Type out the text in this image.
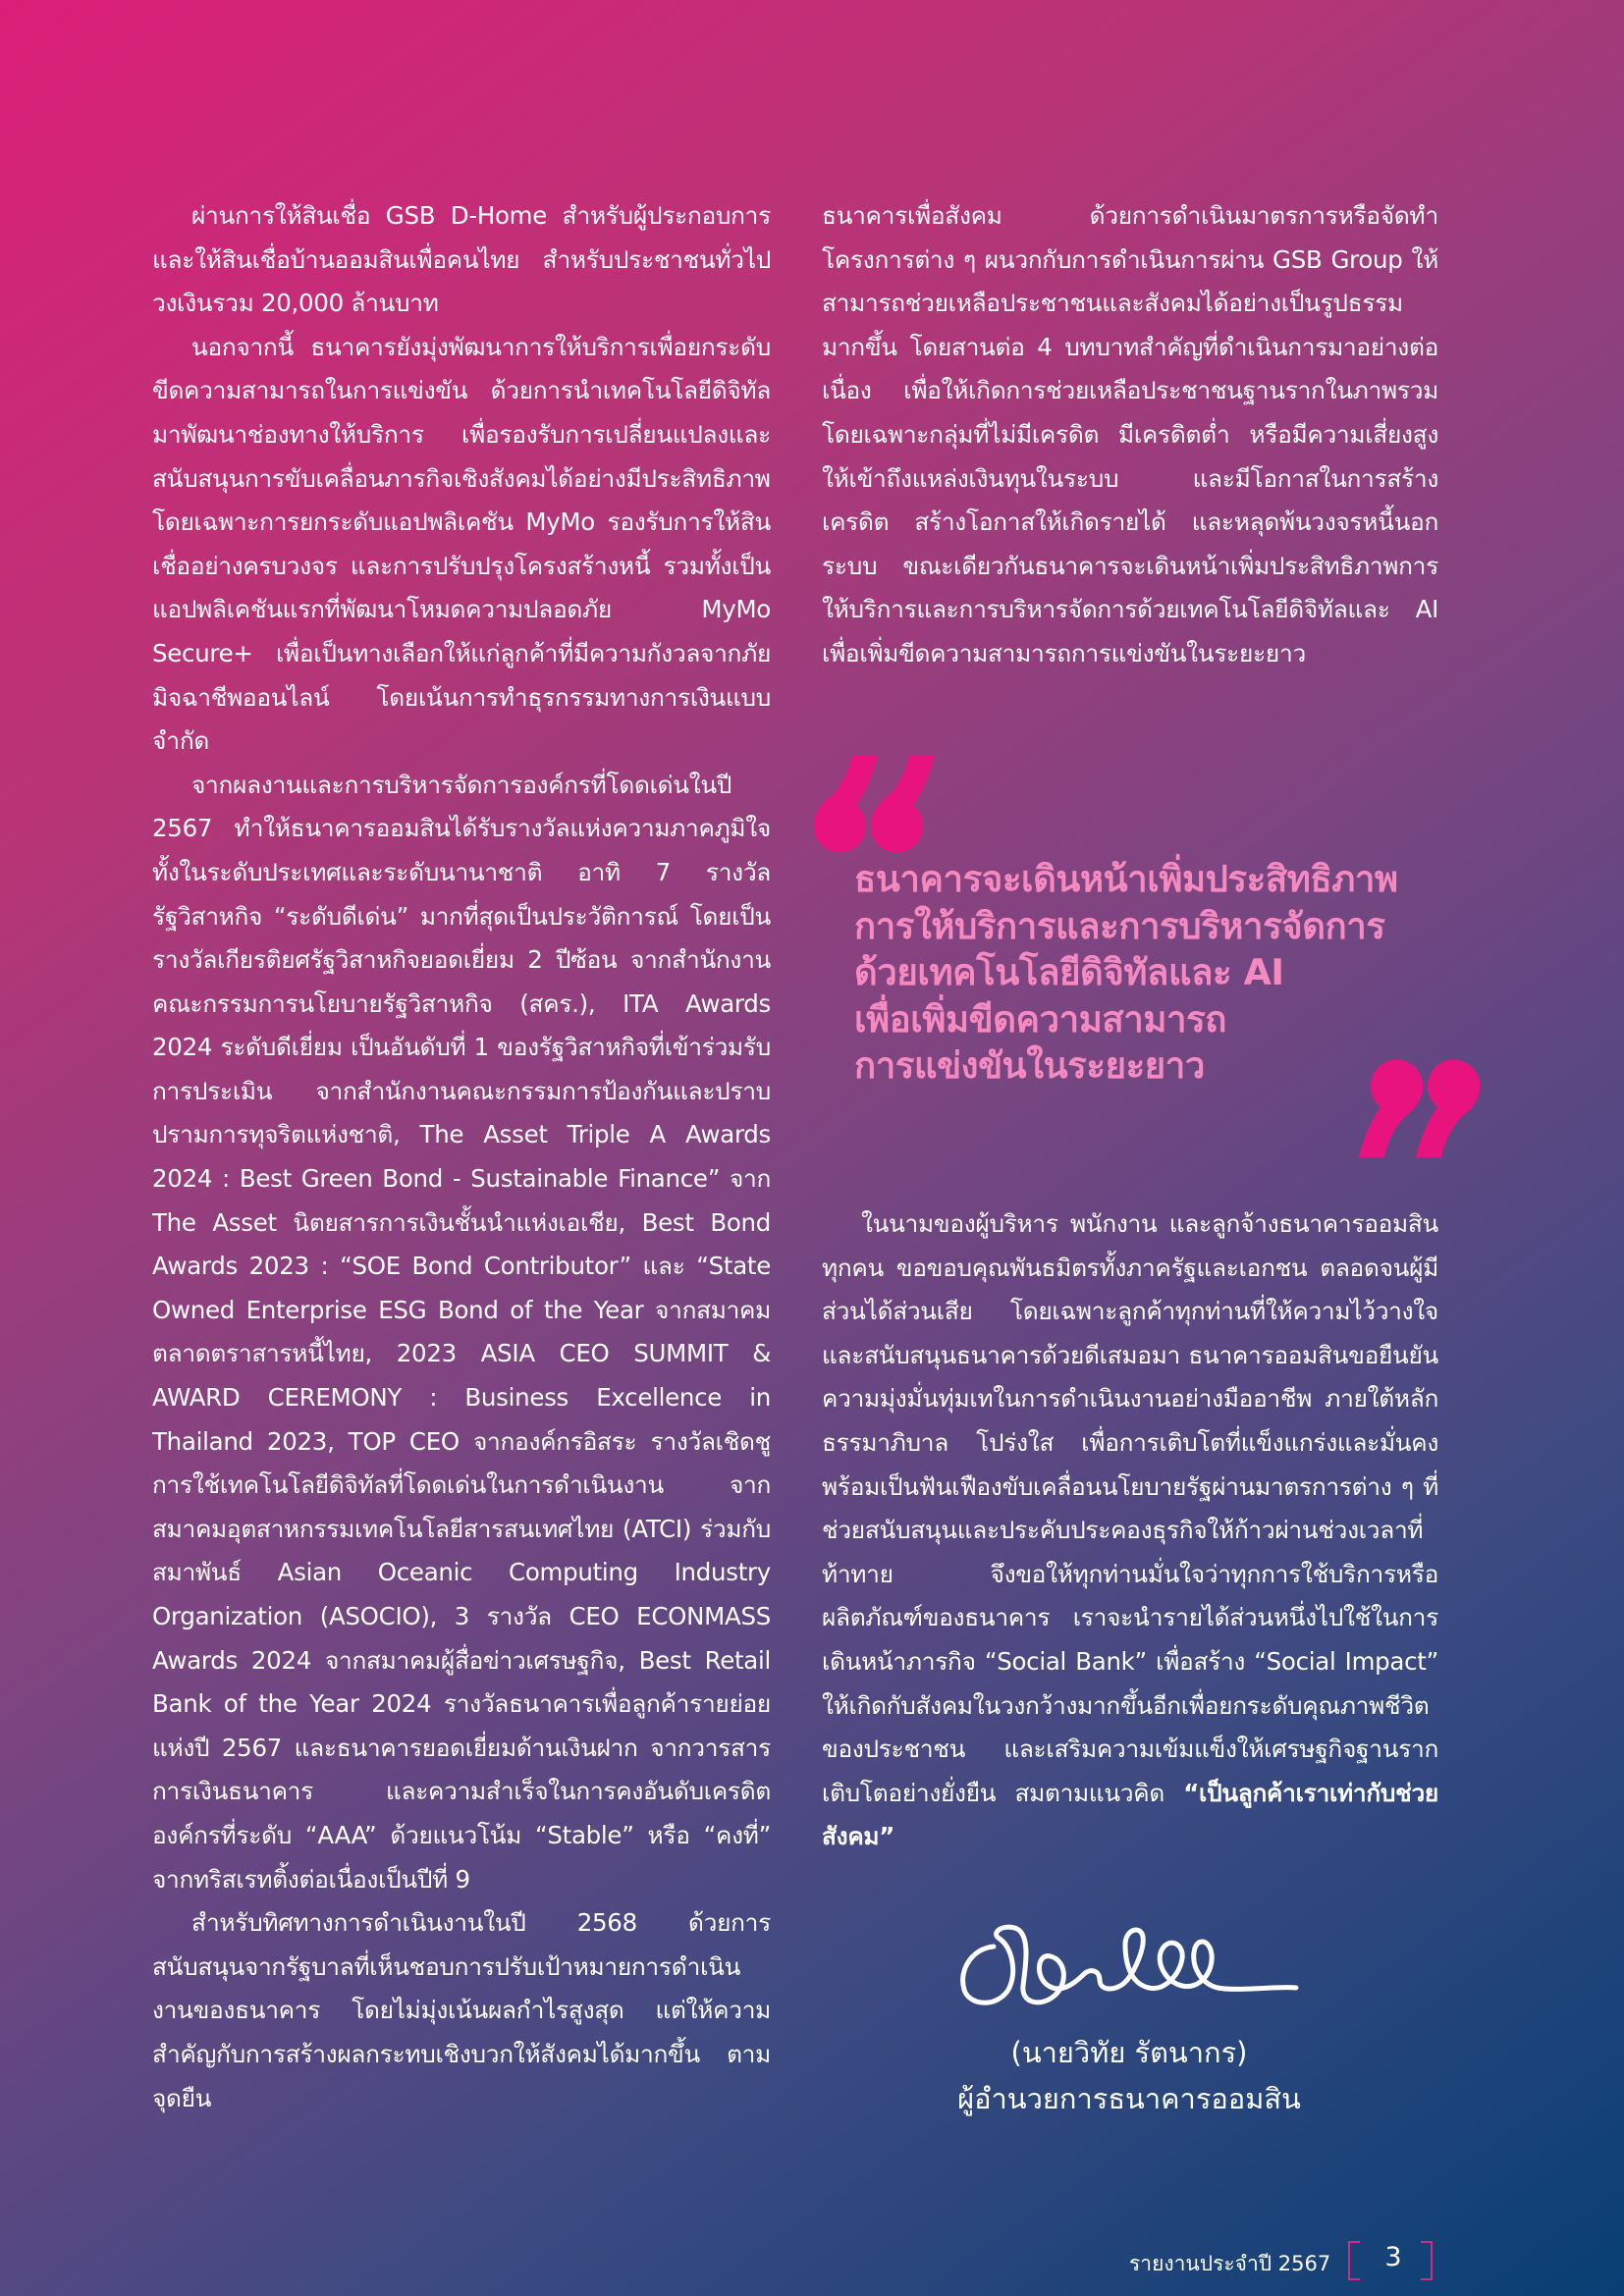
ผ่านการให้สินเชื่อ GSB D-Home สำหรับผู้ประกอบการและให้สินเชื่อบ้านออมสินเพื่อคนไทย สำหรับประชาชนทั่วไป วงเงินรวม 20,000 ล้านบาท

นอกจากนี้ ธนาคารยังมุ่งพัฒนาการให้บริการเพื่อยกระดับขีดความสามารถในการแข่งขัน ด้วยการนำเทคโนโลยีดิจิทัลมาพัฒนาช่องทางให้บริการ เพื่อรองรับการเปลี่ยนแปลงและสนับสนุนการขับเคลื่อนภารกิจเชิงสังคมได้อย่างมีประสิทธิภาพ โดยเฉพาะการยกระดับแอปพลิเคชัน MyMo รองรับการให้สินเชื่ออย่างครบวงจร และการปรับปรุงโครงสร้างหนี้ รวมทั้งเป็นแอปพลิเคชันแรกที่พัฒนาโหมดความปลอดภัย MyMo Secure+ เพื่อเป็นทางเลือกให้แก่ลูกค้าที่มีความกังวลจากภัยมิจฉาชีพออนไลน์ โดยเน้นการทำธุรกรรมทางการเงินแบบจำกัด

จากผลงานและการบริหารจัดการองค์กรที่โดดเด่นในปี 2567 ทำให้ธนาคารออมสินได้รับรางวัลแห่งความภาคภูมิใจ ทั้งในระดับประเทศและระดับนานาชาติ อาทิ 7 รางวัลรัฐวิสาหกิจ “ระดับดีเด่น” มากที่สุดเป็นประวัติการณ์ โดยเป็นรางวัลเกียรติยศรัฐวิสาหกิจยอดเยี่ยม 2 ปีซ้อน จากสำนักงานคณะกรรมการนโยบายรัฐวิสาหกิจ (สคร.), ITA Awards 2024 ระดับดีเยี่ยม เป็นอันดับที่ 1 ของรัฐวิสาหกิจที่เข้าร่วมรับการประเมิน จากสำนักงานคณะกรรมการป้องกันและปราบปรามการทุจริตแห่งชาติ, The Asset Triple A Awards 2024 : Best Green Bond - Sustainable Finance” จาก The Asset นิตยสารการเงินชั้นนำแห่งเอเชีย, Best Bond Awards 2023 : “SOE Bond Contributor” และ “State Owned Enterprise ESG Bond of the Year จากสมาคมตลาดตราสารหนี้ไทย, 2023 ASIA CEO SUMMIT & AWARD CEREMONY : Business Excellence in Thailand 2023, TOP CEO จากองค์กรอิสระ รางวัลเชิดชูการใช้เทคโนโลยีดิจิทัลที่โดดเด่นในการดำเนินงาน จากสมาคมอุตสาหกรรมเทคโนโลยีสารสนเทศไทย (ATCI) ร่วมกับสมาพันธ์ Asian Oceanic Computing Industry Organization (ASOCIO), 3 รางวัล CEO ECONMASS Awards 2024 จากสมาคมผู้สื่อข่าวเศรษฐกิจ, Best Retail Bank of the Year 2024 รางวัลธนาคารเพื่อลูกค้ารายย่อยแห่งปี 2567 และธนาคารยอดเยี่ยมด้านเงินฝาก จากวารสารการเงินธนาคาร และความสำเร็จในการคงอันดับเครดิตองค์กรที่ระดับ “AAA” ด้วยแนวโน้ม “Stable” หรือ “คงที่” จากทริสเรทติ้งต่อเนื่องเป็นปีที่ 9

สำหรับทิศทางการดำเนินงานในปี 2568 ด้วยการสนับสนุนจากรัฐบาลที่เห็นชอบการปรับเป้าหมายการดำเนินงานของธนาคาร โดยไม่มุ่งเน้นผลกำไรสูงสุด แต่ให้ความสำคัญกับการสร้างผลกระทบเชิงบวกให้สังคมได้มากขึ้น ตามจุดยืน

ธนาคารเพื่อสังคม ด้วยการดำเนินมาตรการหรือจัดทำโครงการต่าง ๆ ผนวกกับการดำเนินการผ่าน GSB Group ให้สามารถช่วยเหลือประชาชนและสังคมได้อย่างเป็นรูปธรรมมากขึ้น โดยสานต่อ 4 บทบาทสำคัญที่ดำเนินการมาอย่างต่อเนื่อง เพื่อให้เกิดการช่วยเหลือประชาชนฐานรากในภาพรวม โดยเฉพาะกลุ่มที่ไม่มีเครดิต มีเครดิตต่ำ หรือมีความเสี่ยงสูงให้เข้าถึงแหล่งเงินทุนในระบบ และมีโอกาสในการสร้างเครดิต สร้างโอกาสให้เกิดรายได้ และหลุดพ้นวงจรหนี้นอกระบบ ขณะเดียวกันธนาคารจะเดินหน้าเพิ่มประสิทธิภาพการให้บริการและการบริหารจัดการด้วยเทคโนโลยีดิจิทัลและ AI เพื่อเพิ่มขีดความสามารถการแข่งขันในระยะยาว

ธนาคารจะเดินหน้าเพิ่มประสิทธิภาพ
การให้บริการและการบริหารจัดการ
ด้วยเทคโนโลยีดิจิทัลและ AI
เพื่อเพิ่มขีดความสามารถ
การแข่งขันในระยะยาว

ในนามของผู้บริหาร พนักงาน และลูกจ้างธนาคารออมสินทุกคน ขอขอบคุณพันธมิตรทั้งภาครัฐและเอกชน ตลอดจนผู้มีส่วนได้ส่วนเสีย โดยเฉพาะลูกค้าทุกท่านที่ให้ความไว้วางใจและสนับสนุนธนาคารด้วยดีเสมอมา ธนาคารออมสินขอยืนยันความมุ่งมั่นทุ่มเทในการดำเนินงานอย่างมืออาชีพ ภายใต้หลักธรรมาภิบาล โปร่งใส เพื่อการเติบโตที่แข็งแกร่งและมั่นคง พร้อมเป็นฟันเฟืองขับเคลื่อนนโยบายรัฐผ่านมาตรการต่าง ๆ ที่ช่วยสนับสนุนและประคับประคองธุรกิจให้ก้าวผ่านช่วงเวลาที่ท้าทาย จึงขอให้ทุกท่านมั่นใจว่าทุกการใช้บริการหรือผลิตภัณฑ์ของธนาคาร เราจะนำรายได้ส่วนหนึ่งไปใช้ในการเดินหน้าภารกิจ “Social Bank” เพื่อสร้าง “Social Impact” ให้เกิดกับสังคมในวงกว้างมากขึ้นอีกเพื่อยกระดับคุณภาพชีวิตของประชาชน และเสริมความเข้มแข็งให้เศรษฐกิจฐานรากเติบโตอย่างยั่งยืน สมตามแนวคิด “เป็นลูกค้าเราเท่ากับช่วยสังคม”

(นายวิทัย รัตนากร)
ผู้อำนวยการธนาคารออมสิน
รายงานประจำปี 2567	3
